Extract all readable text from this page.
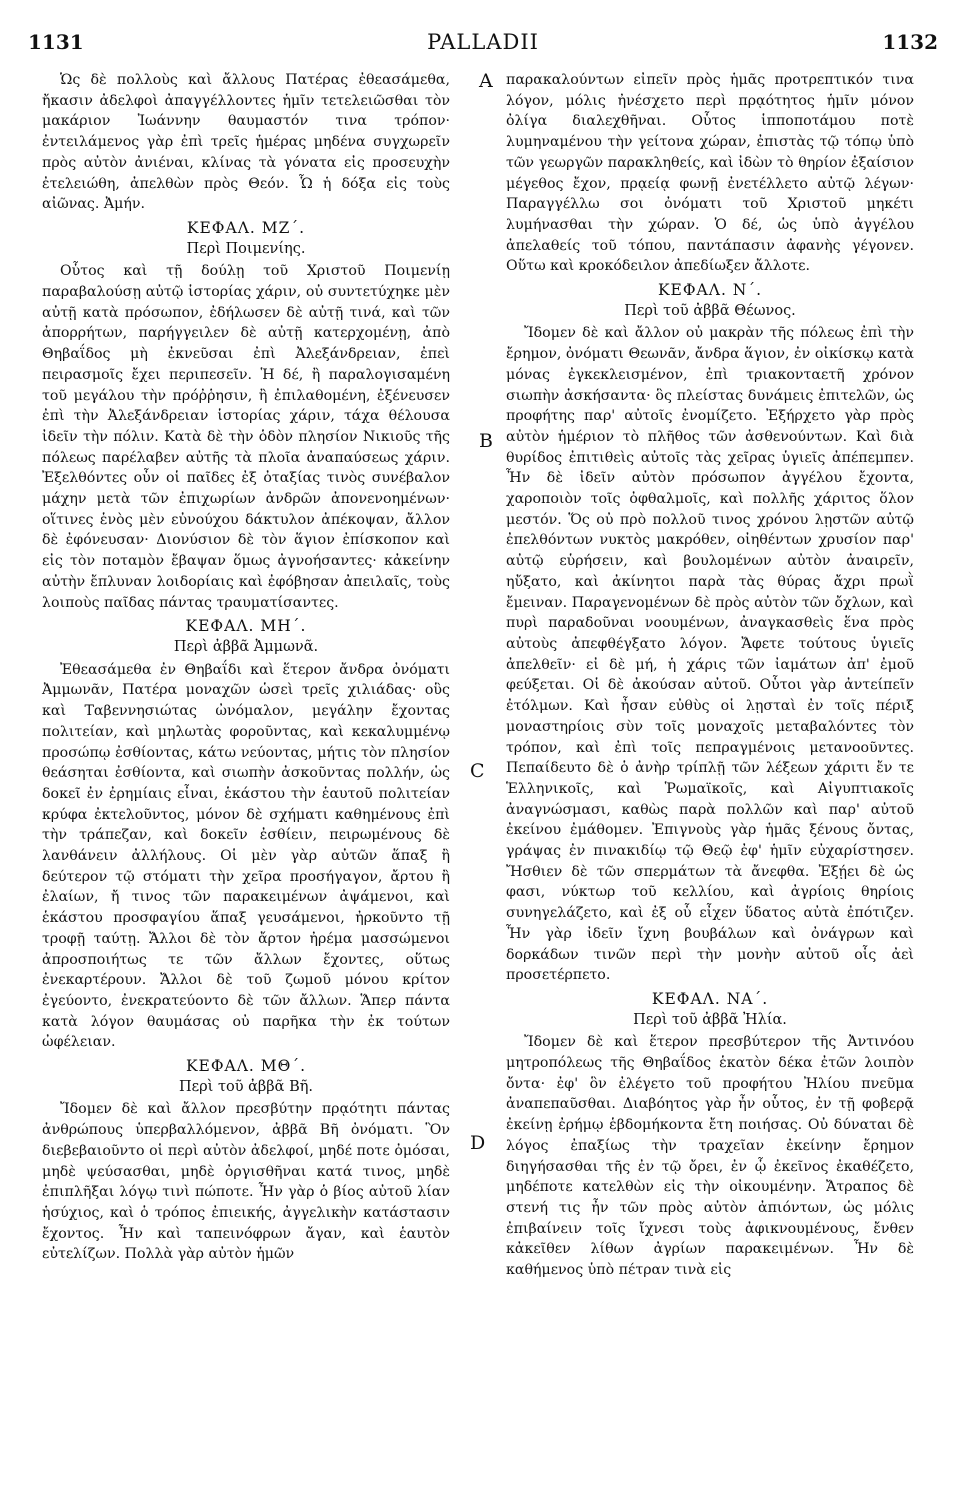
1131	PALLADII	1132
A
B
C
D

Ὡς δὲ πολλοὺς καὶ ἄλλους Πατέρας ἐθεασάμεθα, ἤκασιν ἀδελφοὶ ἀπαγγέλλοντες ἡμῖν τετελειῶσθαι τὸν μακάριον Ἰωάννην θαυμαστόν τινα τρόπον· ἐντειλάμενος γὰρ ἐπὶ τρεῖς ἡμέρας μηδένα συγχωρεῖν πρὸς αὐτὸν ἀνιέναι, κλίνας τὰ γόνατα εἰς προσευχὴν ἐτελειώθη, ἀπελθὼν πρὸς Θεόν. Ὧ ἡ δόξα εἰς τοὺς αἰῶνας. Ἀμήν.

ΚΕΦΑΛ. ΜΖ΄.
Περὶ Ποιμενίης.

Οὗτος καὶ τῇ δούλῃ τοῦ Χριστοῦ Ποιμενίῃ παραβαλούσῃ αὐτῷ ἱστορίας χάριν, οὐ συντετύχηκε μὲν αὐτῇ κατὰ πρόσωπον, ἐδήλωσεν δὲ αὐτῇ τινά, καὶ τῶν ἀπορρήτων, παρήγγειλεν δὲ αὐτῇ κατερχομένῃ, ἀπὸ Θηβαΐδος μὴ ἐκνεῦσαι ἐπὶ Ἀλεξάνδρειαν, ἐπεὶ πειρασμοῖς ἔχει περιπεσεῖν. Ἡ δέ, ἢ παραλογισαμένη τοῦ μεγάλου τὴν πρόῤῥησιν, ἢ ἐπιλαθομένη, ἐξένευσεν ἐπὶ τὴν Ἀλεξάνδρειαν ἱστορίας χάριν, τάχα θέλουσα ἰδεῖν τὴν πόλιν. Κατὰ δὲ τὴν ὁδὸν πλησίον Νικιοῦς τῆς πόλεως παρέλαβεν αὐτῆς τὰ πλοῖα ἀναπαύσεως χάριν. Ἐξελθόντες οὖν οἱ παῖδες ἐξ ὀταξίας τινὸς συνέβαλον μάχην μετὰ τῶν ἐπιχωρίων ἀνδρῶν ἀπονενοημένων· οἵτινες ἑνὸς μὲν εὐνούχου δάκτυλον ἀπέκοψαν, ἄλλον δὲ ἐφόνευσαν· Διονύσιον δὲ τὸν ἅγιον ἐπίσκοπον καὶ εἰς τὸν ποταμὸν ἔβαψαν ὅμως ἀγνοήσαντες· κἀκείνην αὐτὴν ἔπλυναν λοιδορίαις καὶ ἐφόβησαν ἀπειλαῖς, τοὺς λοιποὺς παῖδας πάντας τραυματίσαντες.

ΚΕΦΑΛ. ΜΗ΄.
Περὶ ἀββᾶ Ἀμμωνᾶ.

Ἐθεασάμεθα ἐν Θηβαΐδι καὶ ἕτερον ἄνδρα ὀνόματι Ἀμμωνᾶν, Πατέρα μοναχῶν ὡσεὶ τρεῖς χιλιάδας· οὓς καὶ Ταβεννησιώτας ὠνόμαλον, μεγάλην ἔχοντας πολιτείαν, καὶ μηλωτὰς φοροῦντας, καὶ κεκαλυμμένῳ προσώπῳ ἐσθίοντας, κάτω νεύοντας, μήτις τὸν πλησίον θεάσηται ἐσθίοντα, καὶ σιωπὴν ἀσκοῦντας πολλήν, ὡς δοκεῖ ἐν ἐρημίαις εἶναι, ἑκάστου τὴν ἑαυτοῦ πολιτείαν κρύφα ἐκτελοῦντος, μόνον δὲ σχήματι καθημένους ἐπὶ τὴν τράπεζαν, καὶ δοκεῖν ἐσθίειν, πειρωμένους δὲ λανθάνειν ἀλλήλους. Οἱ μὲν γὰρ αὐτῶν ἅπαξ ἢ δεύτερον τῷ στόματι τὴν χεῖρα προσήγαγον, ἄρτου ἢ ἐλαίων, ἤ τινος τῶν παρακειμένων ἀψάμενοι, καὶ ἑκάστου προσφαγίου ἅπαξ γευσάμενοι, ἠρκοῦντο τῇ τροφῇ ταύτῃ. Ἄλλοι δὲ τὸν ἄρτον ἠρέμα μασσώμενοι ἀπροσποιήτως τε τῶν ἄλλων ἔχοντες, οὕτως ἐνεκαρτέρουν. Ἄλλοι δὲ τοῦ ζωμοῦ μόνου κρίτον ἐγεύοντο, ἐνεκρατεύοντο δὲ τῶν ἄλλων. Ἅπερ πάντα κατὰ λόγον θαυμάσας οὐ παρῆκα τὴν ἐκ τούτων ὠφέλειαν.

ΚΕΦΑΛ. ΜΘ΄.
Περὶ τοῦ ἀββᾶ Βῆ.

Ἴδομεν δὲ καὶ ἄλλον πρεσβύτην πρᾳότητι πάντας ἀνθρώπους ὑπερβαλλόμενον, ἀββᾶ Βῆ ὀνόματι. Ὃν διεβεβαιοῦντο οἱ περὶ αὐτὸν ἀδελφοί, μηδέ ποτε ὀμόσαι, μηδὲ ψεύσασθαι, μηδὲ ὀργισθῆναι κατά τινος, μηδὲ ἐπιπλῆξαι λόγῳ τινὶ πώποτε. Ἦν γὰρ ὁ βίος αὐτοῦ λίαν ἡσύχιος, καὶ ὁ τρόπος ἐπιεικής, ἀγγελικὴν κατάστασιν ἔχοντος. Ἦν καὶ ταπεινόφρων ἄγαν, καὶ ἑαυτὸν εὐτελίζων. Πολλὰ γὰρ αὐτὸν ἡμῶν

παρακαλούντων εἰπεῖν πρὸς ἡμᾶς προτρεπτικόν τινα λόγον, μόλις ἠνέσχετο περὶ πρᾳότητος ἡμῖν μόνον ὀλίγα διαλεχθῆναι. Οὗτος ἱπποποτάμου ποτὲ λυμηναμένου τὴν γείτονα χώραν, ἐπιστὰς τῷ τόπῳ ὑπὸ τῶν γεωργῶν παρακληθείς, καὶ ἰδὼν τὸ θηρίον ἐξαίσιον μέγεθος ἔχον, πρᾳείᾳ φωνῇ ἐνετέλλετο αὐτῷ λέγων· Παραγγέλλω σοι ὀνόματι τοῦ Χριστοῦ μηκέτι λυμήνασθαι τὴν χώραν. Ὁ δέ, ὡς ὑπὸ ἀγγέλου ἀπελαθείς τοῦ τόπου, παντάπασιν ἀφανὴς γέγονεν. Οὕτω καὶ κροκόδειλον ἀπεδίωξεν ἄλλοτε.

ΚΕΦΑΛ. Ν΄.
Περὶ τοῦ ἀββᾶ Θέωνος.

Ἴδομεν δὲ καὶ ἄλλον οὐ μακρὰν τῆς πόλεως ἐπὶ τὴν ἔρημον, ὀνόματι Θεωνᾶν, ἄνδρα ἅγιον, ἐν οἰκίσκῳ κατὰ μόνας ἐγκεκλεισμένον, ἐπὶ τριακονταετῆ χρόνον σιωπὴν ἀσκήσαντα· ὃς πλείστας δυνάμεις ἐπιτελῶν, ὡς προφήτης παρ' αὐτοῖς ἐνομίζετο. Ἐξήρχετο γὰρ πρὸς αὐτὸν ἡμέριον τὸ πλῆθος τῶν ἀσθενούντων. Καὶ διὰ θυρίδος ἐπιτιθεὶς αὐτοῖς τὰς χεῖρας ὑγιεῖς ἀπέπεμπεν. Ἦν δὲ ἰδεῖν αὐτὸν πρόσωπον ἀγγέλου ἔχοντα, χαροποιὸν τοῖς ὀφθαλμοῖς, καὶ πολλῆς χάριτος ὅλον μεστόν. Ὅς οὐ πρὸ πολλοῦ τινος χρόνου λῃστῶν αὐτῷ ἐπελθόντων νυκτὸς μακρόθεν, οἰηθέντων χρυσίον παρ' αὐτῷ εὑρήσειν, καὶ βουλομένων αὐτὸν ἀναιρεῖν, ηὔξατο, καὶ ἀκίνητοι παρὰ τὰς θύρας ἄχρι πρωῒ ἔμειναν. Παραγενομένων δὲ πρὸς αὐτὸν τῶν ὄχλων, καὶ πυρὶ παραδοῦναι νοουμένων, ἀναγκασθεὶς ἕνα πρὸς αὐτοὺς ἀπεφθέγξατο λόγον. Ἄφετε τούτους ὑγιεῖς ἀπελθεῖν· εἰ δὲ μή, ἡ χάρις τῶν ἰαμάτων ἀπ' ἐμοῦ φεύξεται. Οἱ δὲ ἀκούσαν αὐτοῦ. Οὗτοι γὰρ ἀντείπεῖν ἐτόλμων. Καὶ ἦσαν εὐθὺς οἱ λῃσταὶ ἐν τοῖς πέριξ μοναστηρίοις σὺν τοῖς μοναχοῖς μεταβαλόντες τὸν τρόπον, καὶ ἐπὶ τοῖς πεπραγμένοις μετανοοῦντες. Πεπαίδευτο δὲ ὁ ἀνὴρ τρίπλῇ τῶν λέξεων χάριτι ἔν τε Ἑλληνικοῖς, καὶ Ῥωμαϊκοῖς, καὶ Αἰγυπτιακοῖς ἀναγνώσμασι, καθὼς παρὰ πολλῶν καὶ παρ' αὐτοῦ ἐκείνου ἐμάθομεν. Ἐπιγνοὺς γὰρ ἡμᾶς ξένους ὄντας, γράψας ἐν πινακιδίῳ τῷ Θεῷ ἐφ' ἡμῖν εὐχαρίστησεν. Ἤσθιεν δὲ τῶν σπερμάτων τὰ ἄνεφθα. Ἐξῄει δὲ ὡς φασι, νύκτωρ τοῦ κελλίου, καὶ ἀγρίοις θηρίοις συνηγελάζετο, καὶ ἐξ οὗ εἶχεν ὕδατος αὐτὰ ἐπότιζεν. Ἦν γὰρ ἰδεῖν ἴχνη βουβάλων καὶ ὀνάγρων καὶ δορκάδων τινῶν περὶ τὴν μονὴν αὐτοῦ οἷς ἀεὶ προσετέρπετο.

ΚΕΦΑΛ. ΝΑ΄.
Περὶ τοῦ ἀββᾶ Ἠλία.

Ἴδομεν δὲ καὶ ἕτερον πρεσβύτερον τῆς Ἀντινόου μητροπόλεως τῆς Θηβαΐδος ἑκατὸν δέκα ἐτῶν λοιπὸν ὄντα· ἐφ' ὃν ἐλέγετο τοῦ προφήτου Ἠλίου πνεῦμα ἀναπεπαῦσθαι. Διαβόητος γὰρ ἦν οὗτος, ἐν τῇ φοβερᾷ ἐκείνῃ ἐρήμῳ ἑβδομήκοντα ἔτη ποιήσας. Οὐ δύναται δὲ λόγος ἐπαξίως τὴν τραχεῖαν ἐκείνην ἔρημον διηγήσασθαι τῆς ἐν τῷ ὄρει, ἐν ᾧ ἐκεῖνος ἐκαθέζετο, μηδέποτε κατελθὼν εἰς τὴν οἰκουμένην. Ἄτραπος δὲ στενή τις ἦν τῶν πρὸς αὐτὸν ἀπιόντων, ὡς μόλις ἐπιβαίνειν τοῖς ἴχνεσι τοὺς ἀφικνουμένους, ἔνθεν κἀκεῖθεν λίθων ἀγρίων παρακειμένων. Ἦν δὲ καθήμενος ὑπὸ πέτραν τινὰ εἰς
